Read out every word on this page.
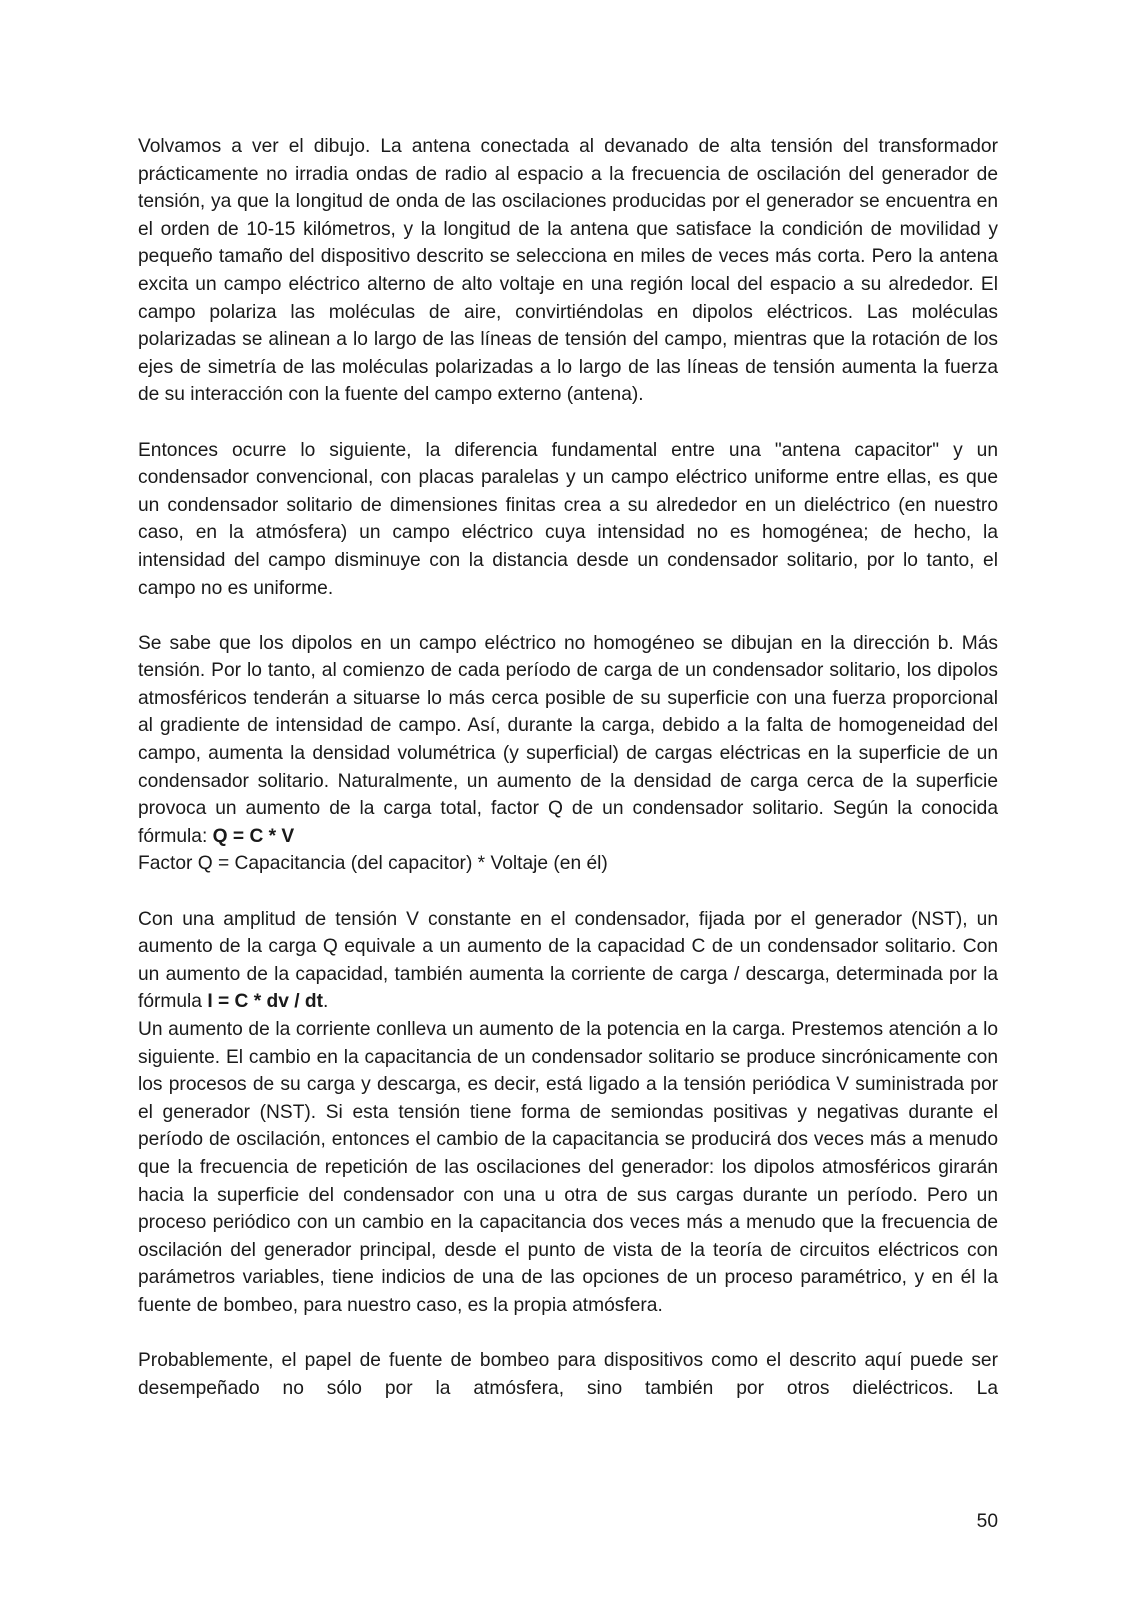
Volvamos a ver el dibujo. La antena conectada al devanado de alta tensión del transformador prácticamente no irradia ondas de radio al espacio a la frecuencia de oscilación del generador de tensión, ya que la longitud de onda de las oscilaciones producidas por el generador se encuentra en el orden de 10-15 kilómetros, y la longitud de la antena que satisface la condición de movilidad y pequeño tamaño del dispositivo descrito se selecciona en miles de veces más corta. Pero la antena excita un campo eléctrico alterno de alto voltaje en una región local del espacio a su alrededor. El campo polariza las moléculas de aire, convirtiéndolas en dipolos eléctricos. Las moléculas polarizadas se alinean a lo largo de las líneas de tensión del campo, mientras que la rotación de los ejes de simetría de las moléculas polarizadas a lo largo de las líneas de tensión aumenta la fuerza de su interacción con la fuente del campo externo (antena).

Entonces ocurre lo siguiente, la diferencia fundamental entre una "antena capacitor" y un condensador convencional, con placas paralelas y un campo eléctrico uniforme entre ellas, es que un condensador solitario de dimensiones finitas crea a su alrededor en un dieléctrico (en nuestro caso, en la atmósfera) un campo eléctrico cuya intensidad no es homogénea; de hecho, la intensidad del campo disminuye con la distancia desde un condensador solitario, por lo tanto, el campo no es uniforme.

Se sabe que los dipolos en un campo eléctrico no homogéneo se dibujan en la dirección b. Más tensión. Por lo tanto, al comienzo de cada período de carga de un condensador solitario, los dipolos atmosféricos tenderán a situarse lo más cerca posible de su superficie con una fuerza proporcional al gradiente de intensidad de campo. Así, durante la carga, debido a la falta de homogeneidad del campo, aumenta la densidad volumétrica (y superficial) de cargas eléctricas en la superficie de un condensador solitario. Naturalmente, un aumento de la densidad de carga cerca de la superficie provoca un aumento de la carga total, factor Q de un condensador solitario. Según la conocida fórmula: Q = C * V

Factor Q = Capacitancia (del capacitor) * Voltaje (en él)

Con una amplitud de tensión V constante en el condensador, fijada por el generador (NST), un aumento de la carga Q equivale a un aumento de la capacidad C de un condensador solitario. Con un aumento de la capacidad, también aumenta la corriente de carga / descarga, determinada por la fórmula I = C * dv / dt.

Un aumento de la corriente conlleva un aumento de la potencia en la carga. Prestemos atención a lo siguiente. El cambio en la capacitancia de un condensador solitario se produce sincrónicamente con los procesos de su carga y descarga, es decir, está ligado a la tensión periódica V suministrada por el generador (NST). Si esta tensión tiene forma de semiondas positivas y negativas durante el período de oscilación, entonces el cambio de la capacitancia se producirá dos veces más a menudo que la frecuencia de repetición de las oscilaciones del generador: los dipolos atmosféricos girarán hacia la superficie del condensador con una u otra de sus cargas durante un período. Pero un proceso periódico con un cambio en la capacitancia dos veces más a menudo que la frecuencia de oscilación del generador principal, desde el punto de vista de la teoría de circuitos eléctricos con parámetros variables, tiene indicios de una de las opciones de un proceso paramétrico, y en él la fuente de bombeo, para nuestro caso, es la propia atmósfera.

Probablemente, el papel de fuente de bombeo para dispositivos como el descrito aquí puede ser desempeñado no sólo por la atmósfera, sino también por otros dieléctricos. La

50
